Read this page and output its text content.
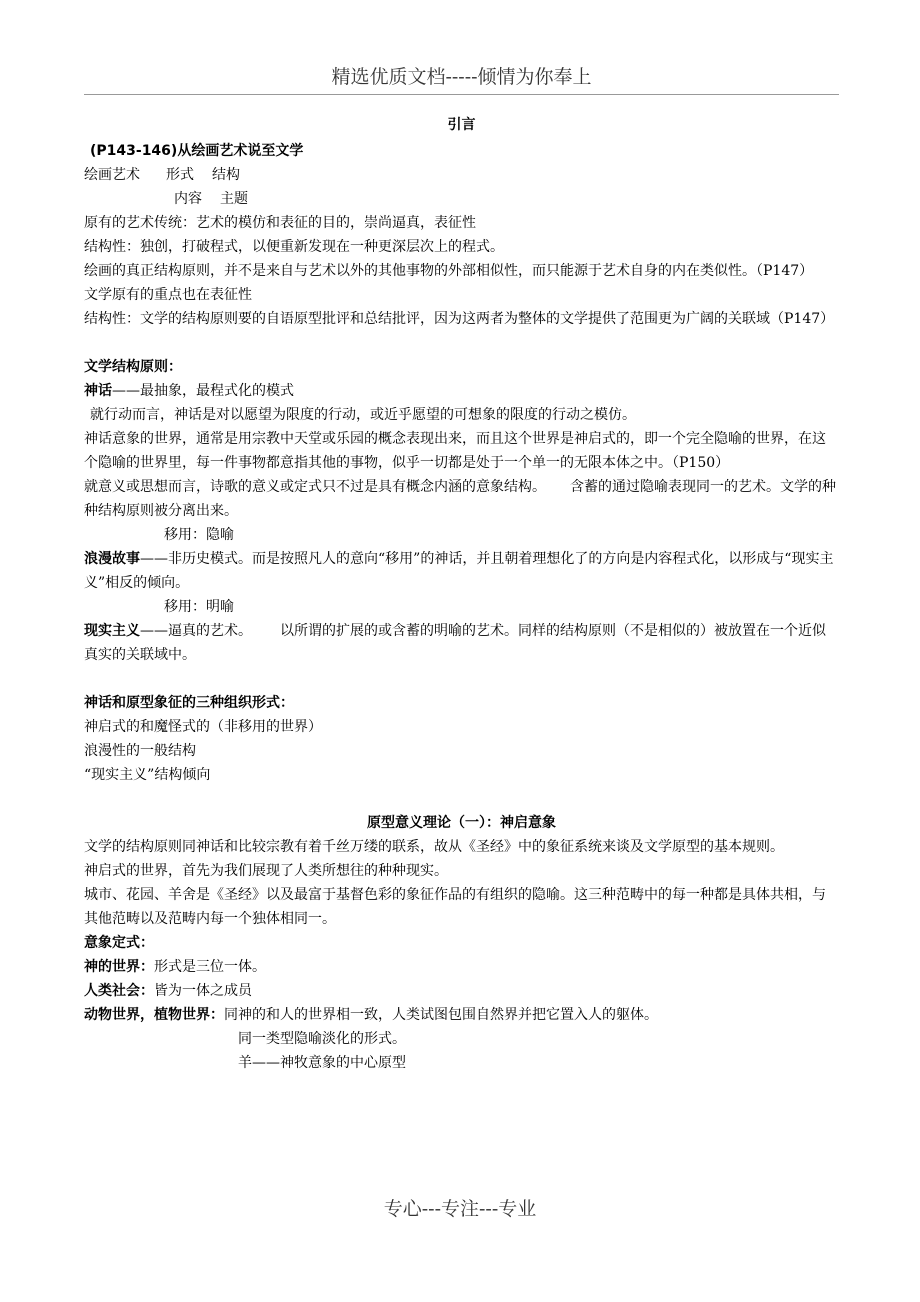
精选优质文档-----倾情为你奉上
引言
(P143-146)从绘画艺术说至文学
绘画艺术 形式 结构
内容 主题
原有的艺术传统：艺术的模仿和表征的目的，崇尚逼真，表征性
结构性：独创，打破程式，以便重新发现在一种更深层次上的程式。
绘画的真正结构原则，并不是来自与艺术以外的其他事物的外部相似性，而只能源于艺术自身的内在类似性。（P147）
文学原有的重点也在表征性
结构性：文学的结构原则要的自语原型批评和总结批评，因为这两者为整体的文学提供了范围更为广阔的关联域（P147）
文学结构原则：
神话——最抽象，最程式化的模式
就行动而言，神话是对以愿望为限度的行动，或近乎愿望的可想象的限度的行动之模仿。
神话意象的世界，通常是用宗教中天堂或乐园的概念表现出来，而且这个世界是神启式的，即一个完全隐喻的世界，在这个隐喻的世界里，每一件事物都意指其他的事物，似乎一切都是处于一个单一的无限本体之中。（P150）
就意义或思想而言，诗歌的意义或定式只不过是具有概念内涵的意象结构。 含蓄的通过隐喻表现同一的艺术。文学的种种结构原则被分离出来。
移用：隐喻
浪漫故事——非历史模式。而是按照凡人的意向“移用”的神话，并且朝着理想化了的方向是内容程式化，以形成与“现实主义”相反的倾向。
移用：明喻
现实主义——逼真的艺术。 以所谓的扩展的或含蓄的明喻的艺术。同样的结构原则（不是相似的）被放置在一个近似真实的关联域中。
神话和原型象征的三种组织形式：
神启式的和魔怪式的（非移用的世界）
浪漫性的一般结构
“现实主义”结构倾向
原型意义理论（一）：神启意象
文学的结构原则同神话和比较宗教有着千丝万缕的联系，故从《圣经》中的象征系统来谈及文学原型的基本规则。
神启式的世界，首先为我们展现了人类所想往的种种现实。
城市、花园、羊舍是《圣经》以及最富于基督色彩的象征作品的有组织的隐喻。这三种范畴中的每一种都是具体共相，与其他范畴以及范畴内每一个独体相同一。
意象定式：
神的世界：形式是三位一体。
人类社会：皆为一体之成员
动物世界，植物世界：同神的和人的世界相一致，人类试图包围自然界并把它置入人的躯体。
同一类型隐喻淡化的形式。
羊——神牧意象的中心原型
专心---专注---专业
